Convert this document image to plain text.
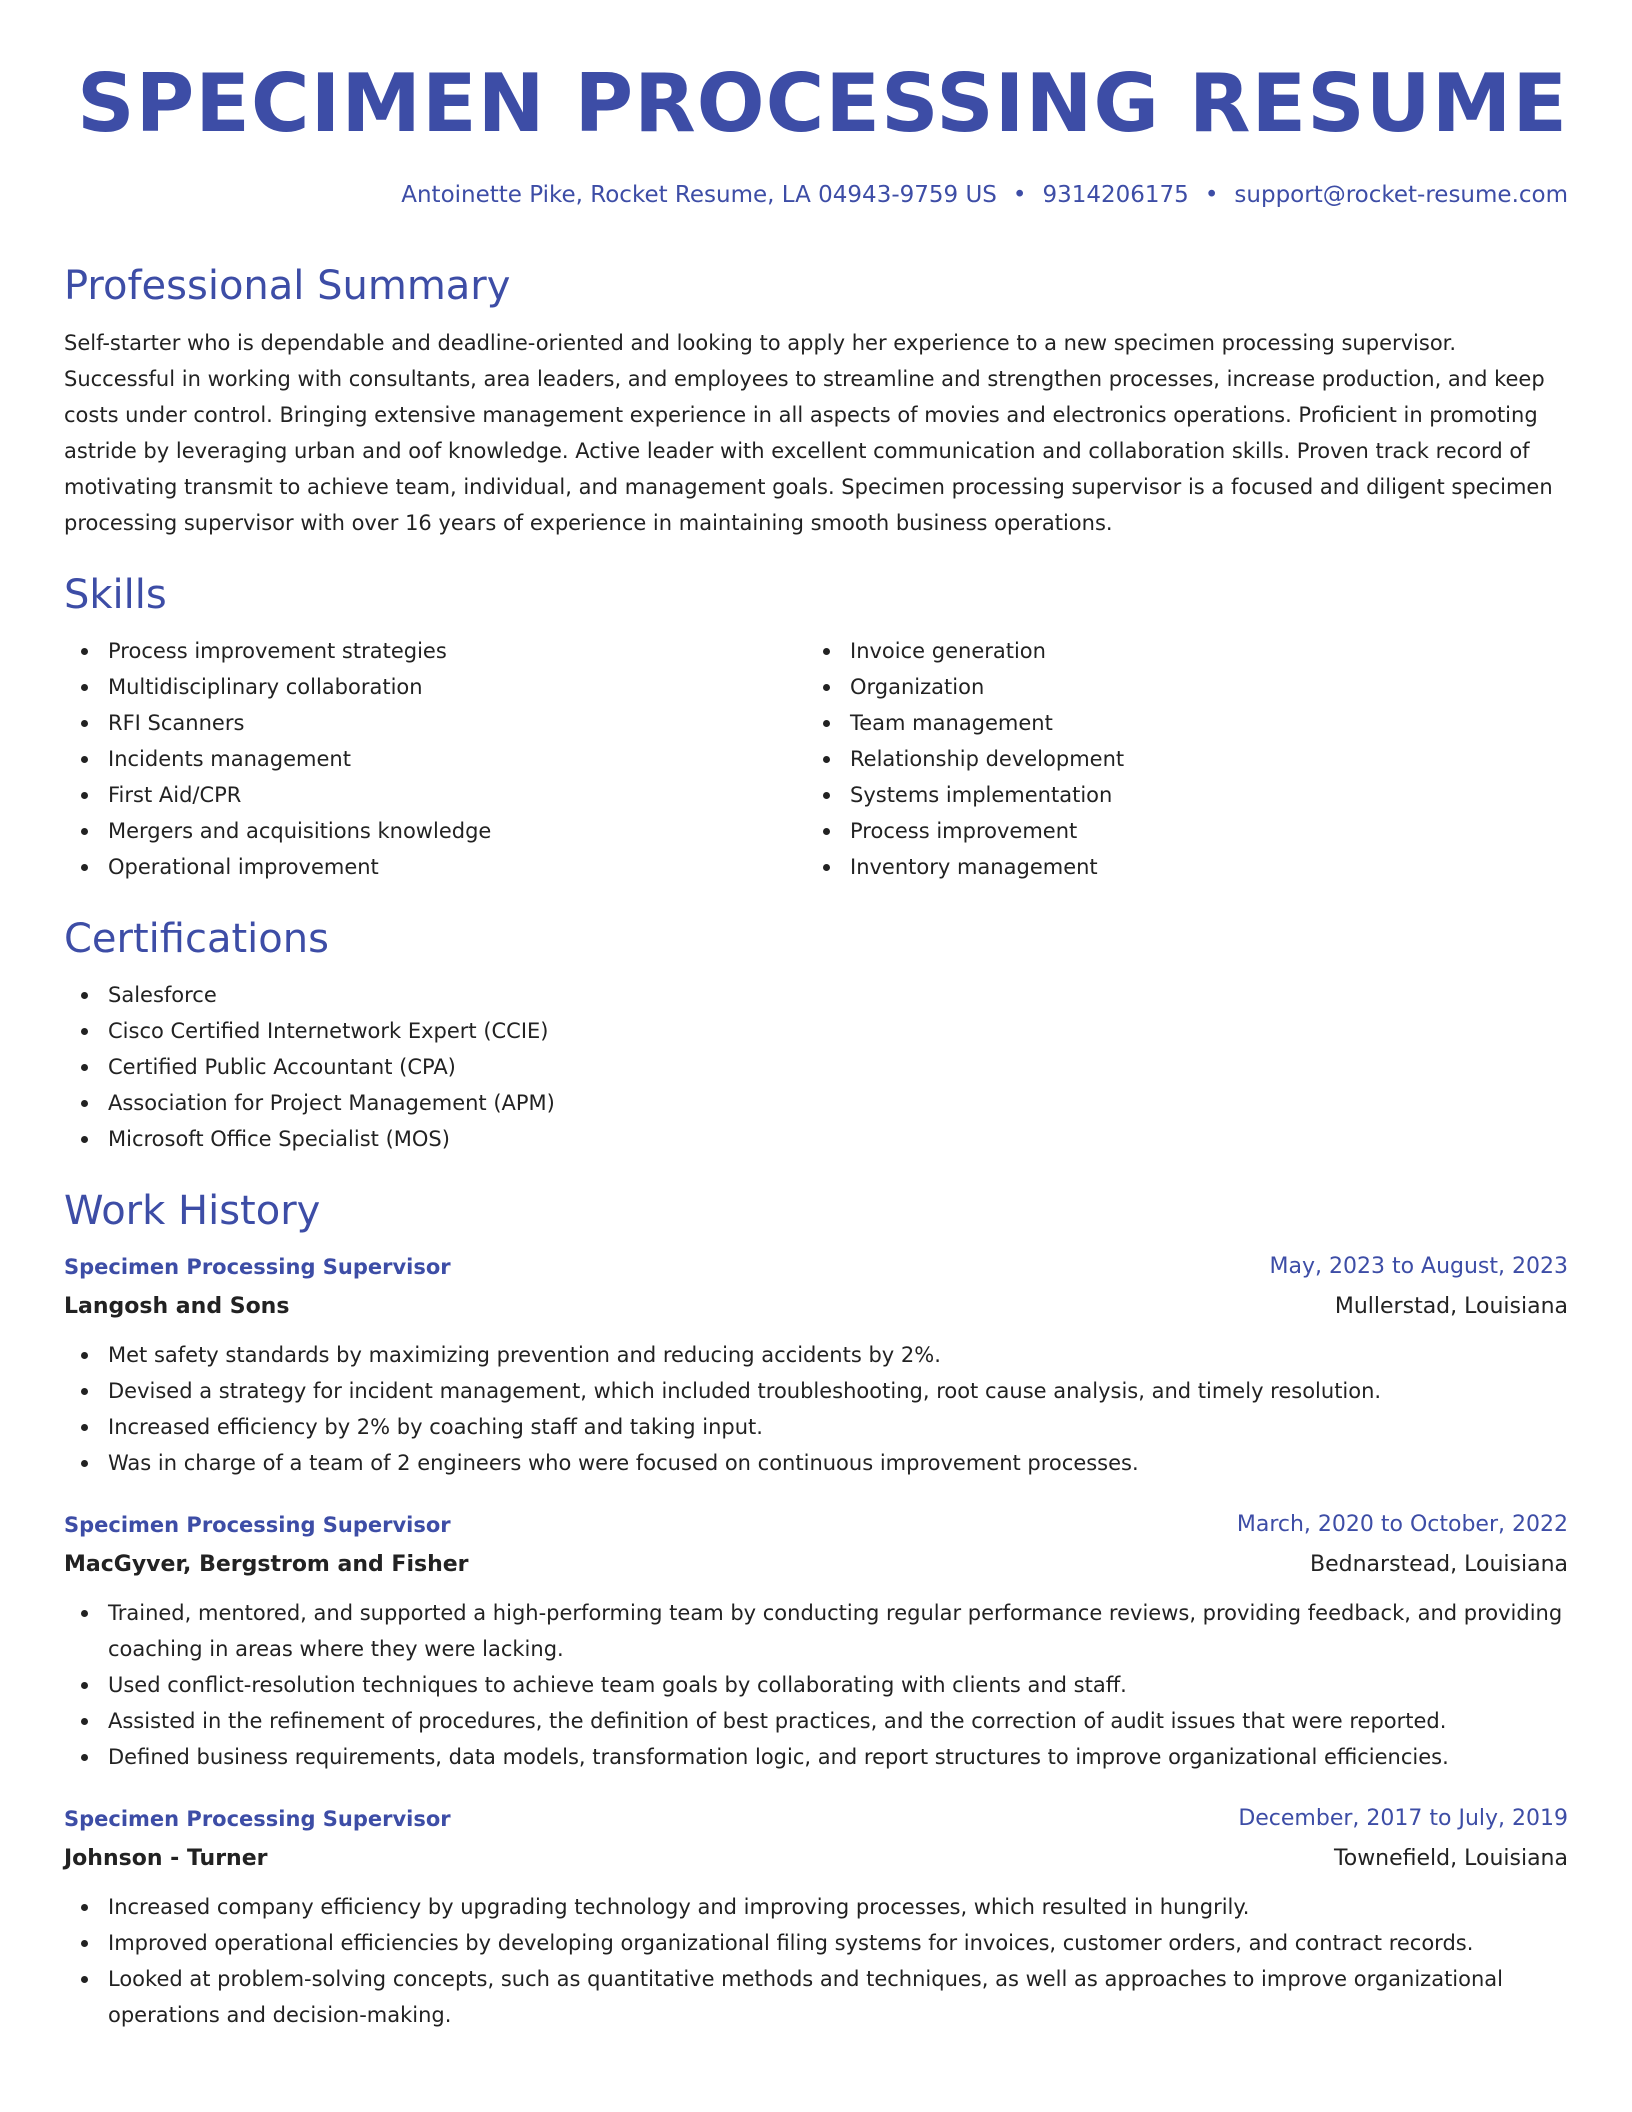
SPECIMEN PROCESSING RESUME
Antoinette Pike, Rocket Resume, LA 04943-9759 US • 9314206175 • support@rocket-resume.com
Professional Summary

Self-starter who is dependable and deadline-oriented and looking to apply her experience to a new specimen processing supervisor. Successful in working with consultants, area leaders, and employees to streamline and strengthen processes, increase production, and keep costs under control. Bringing extensive management experience in all aspects of movies and electronics operations. Proficient in promoting astride by leveraging urban and oof knowledge. Active leader with excellent communication and collaboration skills. Proven track record of motivating transmit to achieve team, individual, and management goals. Specimen processing supervisor is a focused and diligent specimen processing supervisor with over 16 years of experience in maintaining smooth business operations.

Skills
Process improvement strategies
Multidisciplinary collaboration
RFI Scanners
Incidents management
First Aid/CPR
Mergers and acquisitions knowledge
Operational improvement
Invoice generation
Organization
Team management
Relationship development
Systems implementation
Process improvement
Inventory management
Certifications
Salesforce
Cisco Certified Internetwork Expert (CCIE)
Certified Public Accountant (CPA)
Association for Project Management (APM)
Microsoft Office Specialist (MOS)
Work History
Specimen Processing Supervisor	May, 2023 to August, 2023
Langosh and Sons	Mullerstad, Louisiana
Met safety standards by maximizing prevention and reducing accidents by 2%.
Devised a strategy for incident management, which included troubleshooting, root cause analysis, and timely resolution.
Increased efficiency by 2% by coaching staff and taking input.
Was in charge of a team of 2 engineers who were focused on continuous improvement processes.
Specimen Processing Supervisor	March, 2020 to October, 2022
MacGyver, Bergstrom and Fisher	Bednarstead, Louisiana
Trained, mentored, and supported a high-performing team by conducting regular performance reviews, providing feedback, and providing coaching in areas where they were lacking.
Used conflict-resolution techniques to achieve team goals by collaborating with clients and staff.
Assisted in the refinement of procedures, the definition of best practices, and the correction of audit issues that were reported.
Defined business requirements, data models, transformation logic, and report structures to improve organizational efficiencies.
Specimen Processing Supervisor	December, 2017 to July, 2019
Johnson - Turner	Townefield, Louisiana
Increased company efficiency by upgrading technology and improving processes, which resulted in hungrily.
Improved operational efficiencies by developing organizational filing systems for invoices, customer orders, and contract records.
Looked at problem-solving concepts, such as quantitative methods and techniques, as well as approaches to improve organizational operations and decision-making.
